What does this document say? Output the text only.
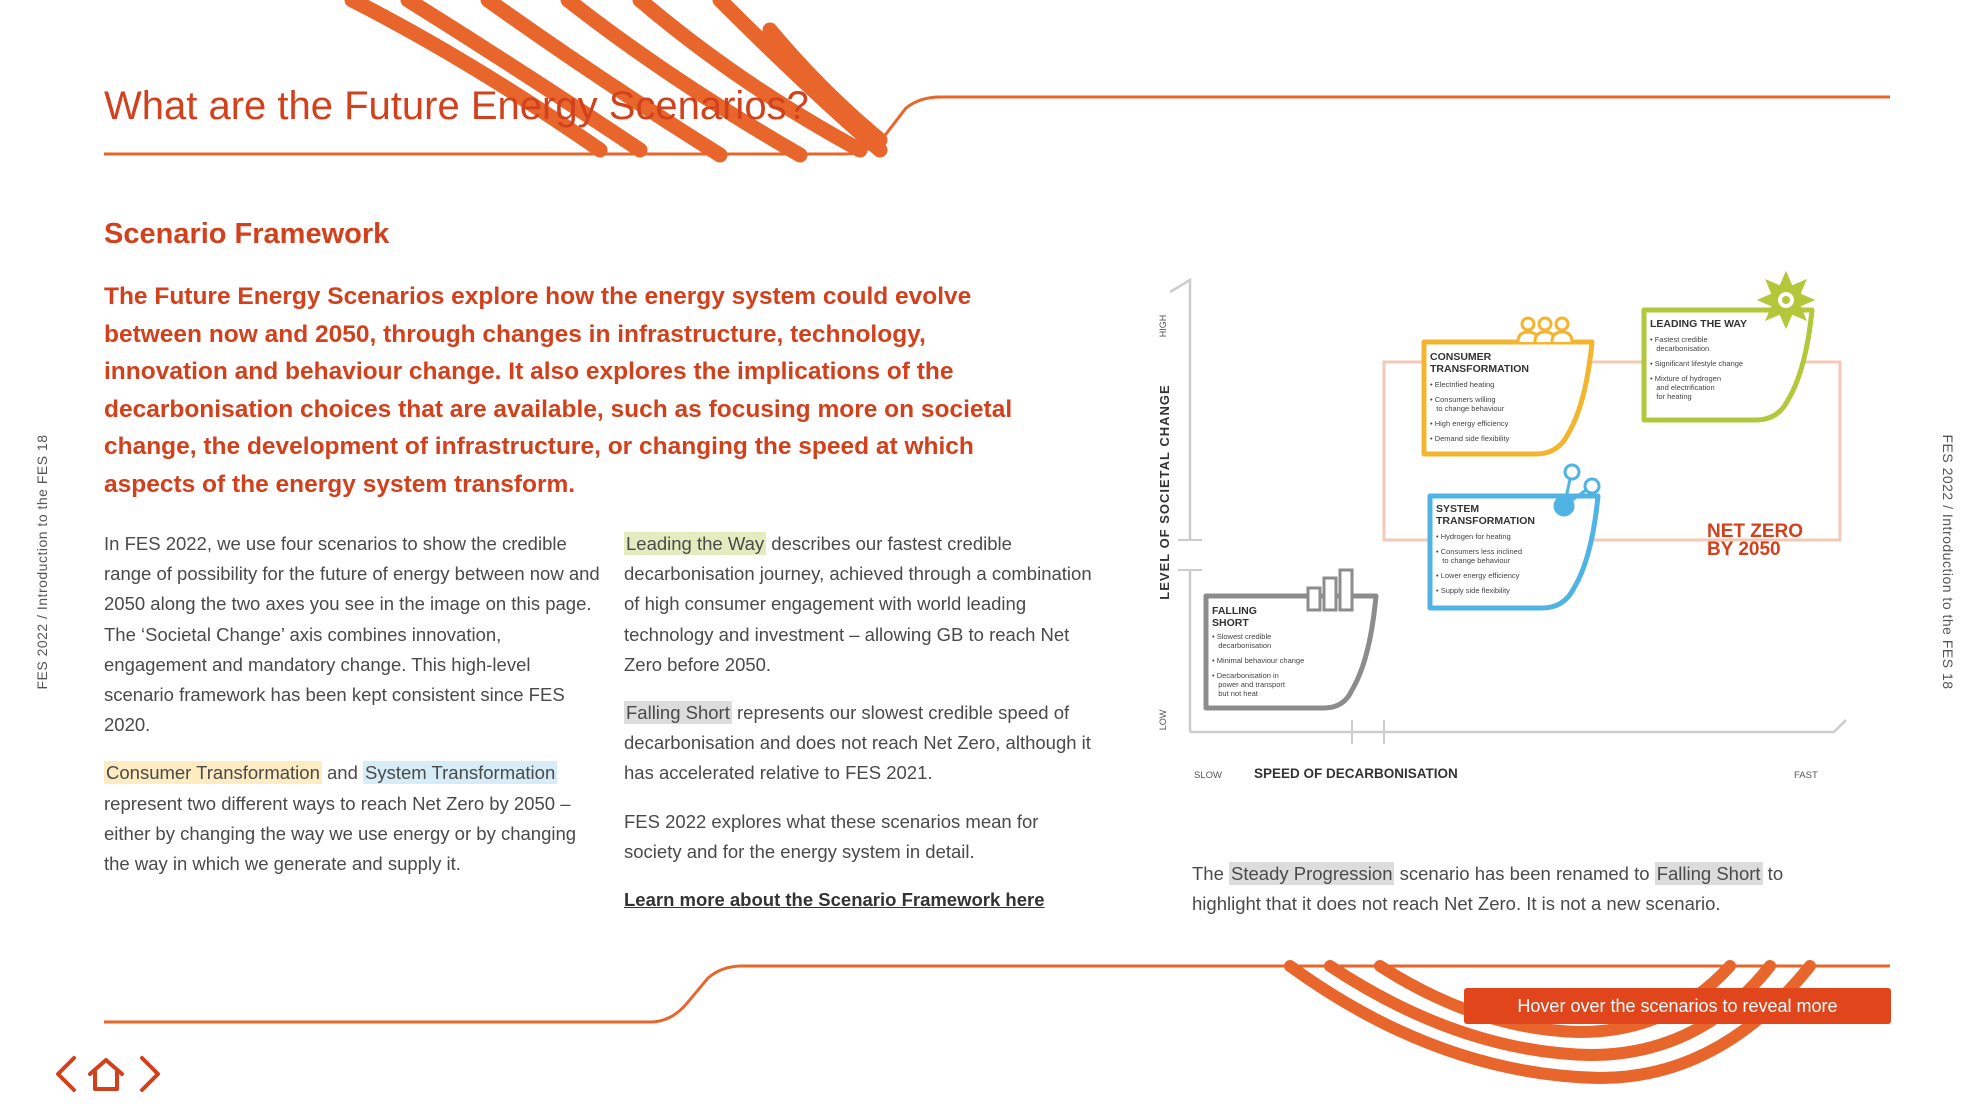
What are the Future Energy Scenarios?
FES 2022 / Introduction to the FES 18	FES 2022 / Introduction to the FES 18
Scenario Framework

The Future Energy Scenarios explore how the energy system could evolve between now and 2050, through changes in infrastructure, technology, innovation and behaviour change. It also explores the implications of the decarbonisation choices that are available, such as focusing more on societal change, the development of infrastructure, or changing the speed at which aspects of the energy system transform.

In FES 2022, we use four scenarios to show the credible range of possibility for the future of energy between now and 2050 along the two axes you see in the image on this page. The ‘Societal Change’ axis combines innovation, engagement and mandatory change. This high-level scenario framework has been kept consistent since FES 2020.

Consumer Transformation and System Transformation represent two different ways to reach Net Zero by 2050 – either by changing the way we use energy or by changing the way in which we generate and supply it.

Leading the Way describes our fastest credible decarbonisation journey, achieved through a combination of high consumer engagement with world leading technology and investment – allowing GB to reach Net Zero before 2050.

Falling Short represents our slowest credible speed of decarbonisation and does not reach Net Zero, although it has accelerated relative to FES 2021.

FES 2022 explores what these scenarios mean for society and for the energy system in detail.

Learn more about the Scenario Framework here

HIGH
LOW
LEVEL OF SOCIETAL CHANGE
SLOW SPEED OF DECARBONISATION	FAST
NET ZERO
BY 2050
FALLING
SHORT
• Slowest credible
decarbonisation
• Minimal behaviour change
• Decarbonisation in
power and transport
but not heat
CONSUMER
TRANSFORMATION
• Electrified heating
• Consumers willing
to change behaviour
• High energy efficiency
• Demand side flexibility
SYSTEM
TRANSFORMATION
• Hydrogen for heating
• Consumers less inclined
to change behaviour
• Lower energy efficiency
• Supply side flexibility
LEADING THE WAY
• Fastest credible
decarbonisation
• Significant lifestyle change
• Mixture of hydrogen
and electrification
for heating

The Steady Progression scenario has been renamed to Falling Short to highlight that it does not reach Net Zero. It is not a new scenario.

Hover over the scenarios to reveal more
